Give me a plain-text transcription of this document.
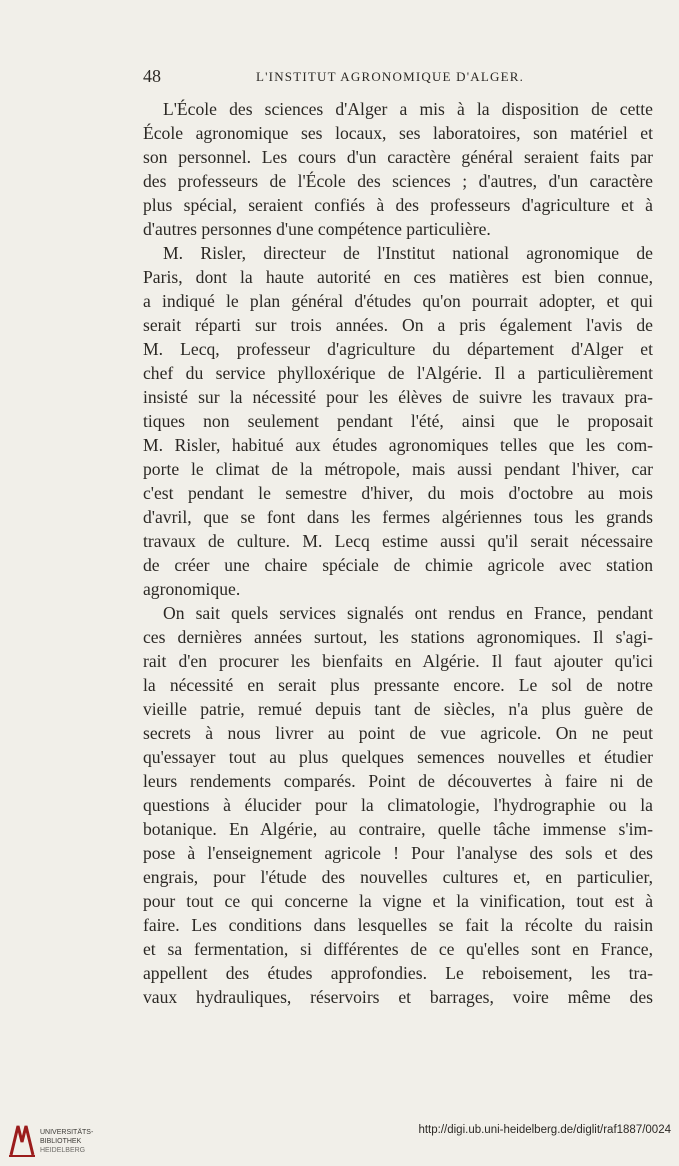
48	L'INSTITUT AGRONOMIQUE D'ALGER.
L'École des sciences d'Alger a mis à la disposition de cette
École agronomique ses locaux, ses laboratoires, son matériel et
son personnel. Les cours d'un caractère général seraient faits par
des professeurs de l'École des sciences ; d'autres, d'un caractère
plus spécial, seraient confiés à des professeurs d'agriculture et à
d'autres personnes d'une compétence particulière.
M. Risler, directeur de l'Institut national agronomique de
Paris, dont la haute autorité en ces matières est bien connue,
a indiqué le plan général d'études qu'on pourrait adopter, et qui
serait réparti sur trois années. On a pris également l'avis de
M. Lecq, professeur d'agriculture du département d'Alger et
chef du service phylloxérique de l'Algérie. Il a particulièrement
insisté sur la nécessité pour les élèves de suivre les travaux pra-
tiques non seulement pendant l'été, ainsi que le proposait
M. Risler, habitué aux études agronomiques telles que les com-
porte le climat de la métropole, mais aussi pendant l'hiver, car
c'est pendant le semestre d'hiver, du mois d'octobre au mois
d'avril, que se font dans les fermes algériennes tous les grands
travaux de culture. M. Lecq estime aussi qu'il serait nécessaire
de créer une chaire spéciale de chimie agricole avec station
agronomique.
On sait quels services signalés ont rendus en France, pendant
ces dernières années surtout, les stations agronomiques. Il s'agi-
rait d'en procurer les bienfaits en Algérie. Il faut ajouter qu'ici
la nécessité en serait plus pressante encore. Le sol de notre
vieille patrie, remué depuis tant de siècles, n'a plus guère de
secrets à nous livrer au point de vue agricole. On ne peut
qu'essayer tout au plus quelques semences nouvelles et étudier
leurs rendements comparés. Point de découvertes à faire ni de
questions à élucider pour la climatologie, l'hydrographie ou la
botanique. En Algérie, au contraire, quelle tâche immense s'im-
pose à l'enseignement agricole ! Pour l'analyse des sols et des
engrais, pour l'étude des nouvelles cultures et, en particulier,
pour tout ce qui concerne la vigne et la vinification, tout est à
faire. Les conditions dans lesquelles se fait la récolte du raisin
et sa fermentation, si différentes de ce qu'elles sont en France,
appellent des études approfondies. Le reboisement, les tra-
vaux hydrauliques, réservoirs et barrages, voire même des
UNIVERSITÄTS-
BIBLIOTHEK
HEIDELBERG
http://digi.ub.uni-heidelberg.de/diglit/raf1887/0024
